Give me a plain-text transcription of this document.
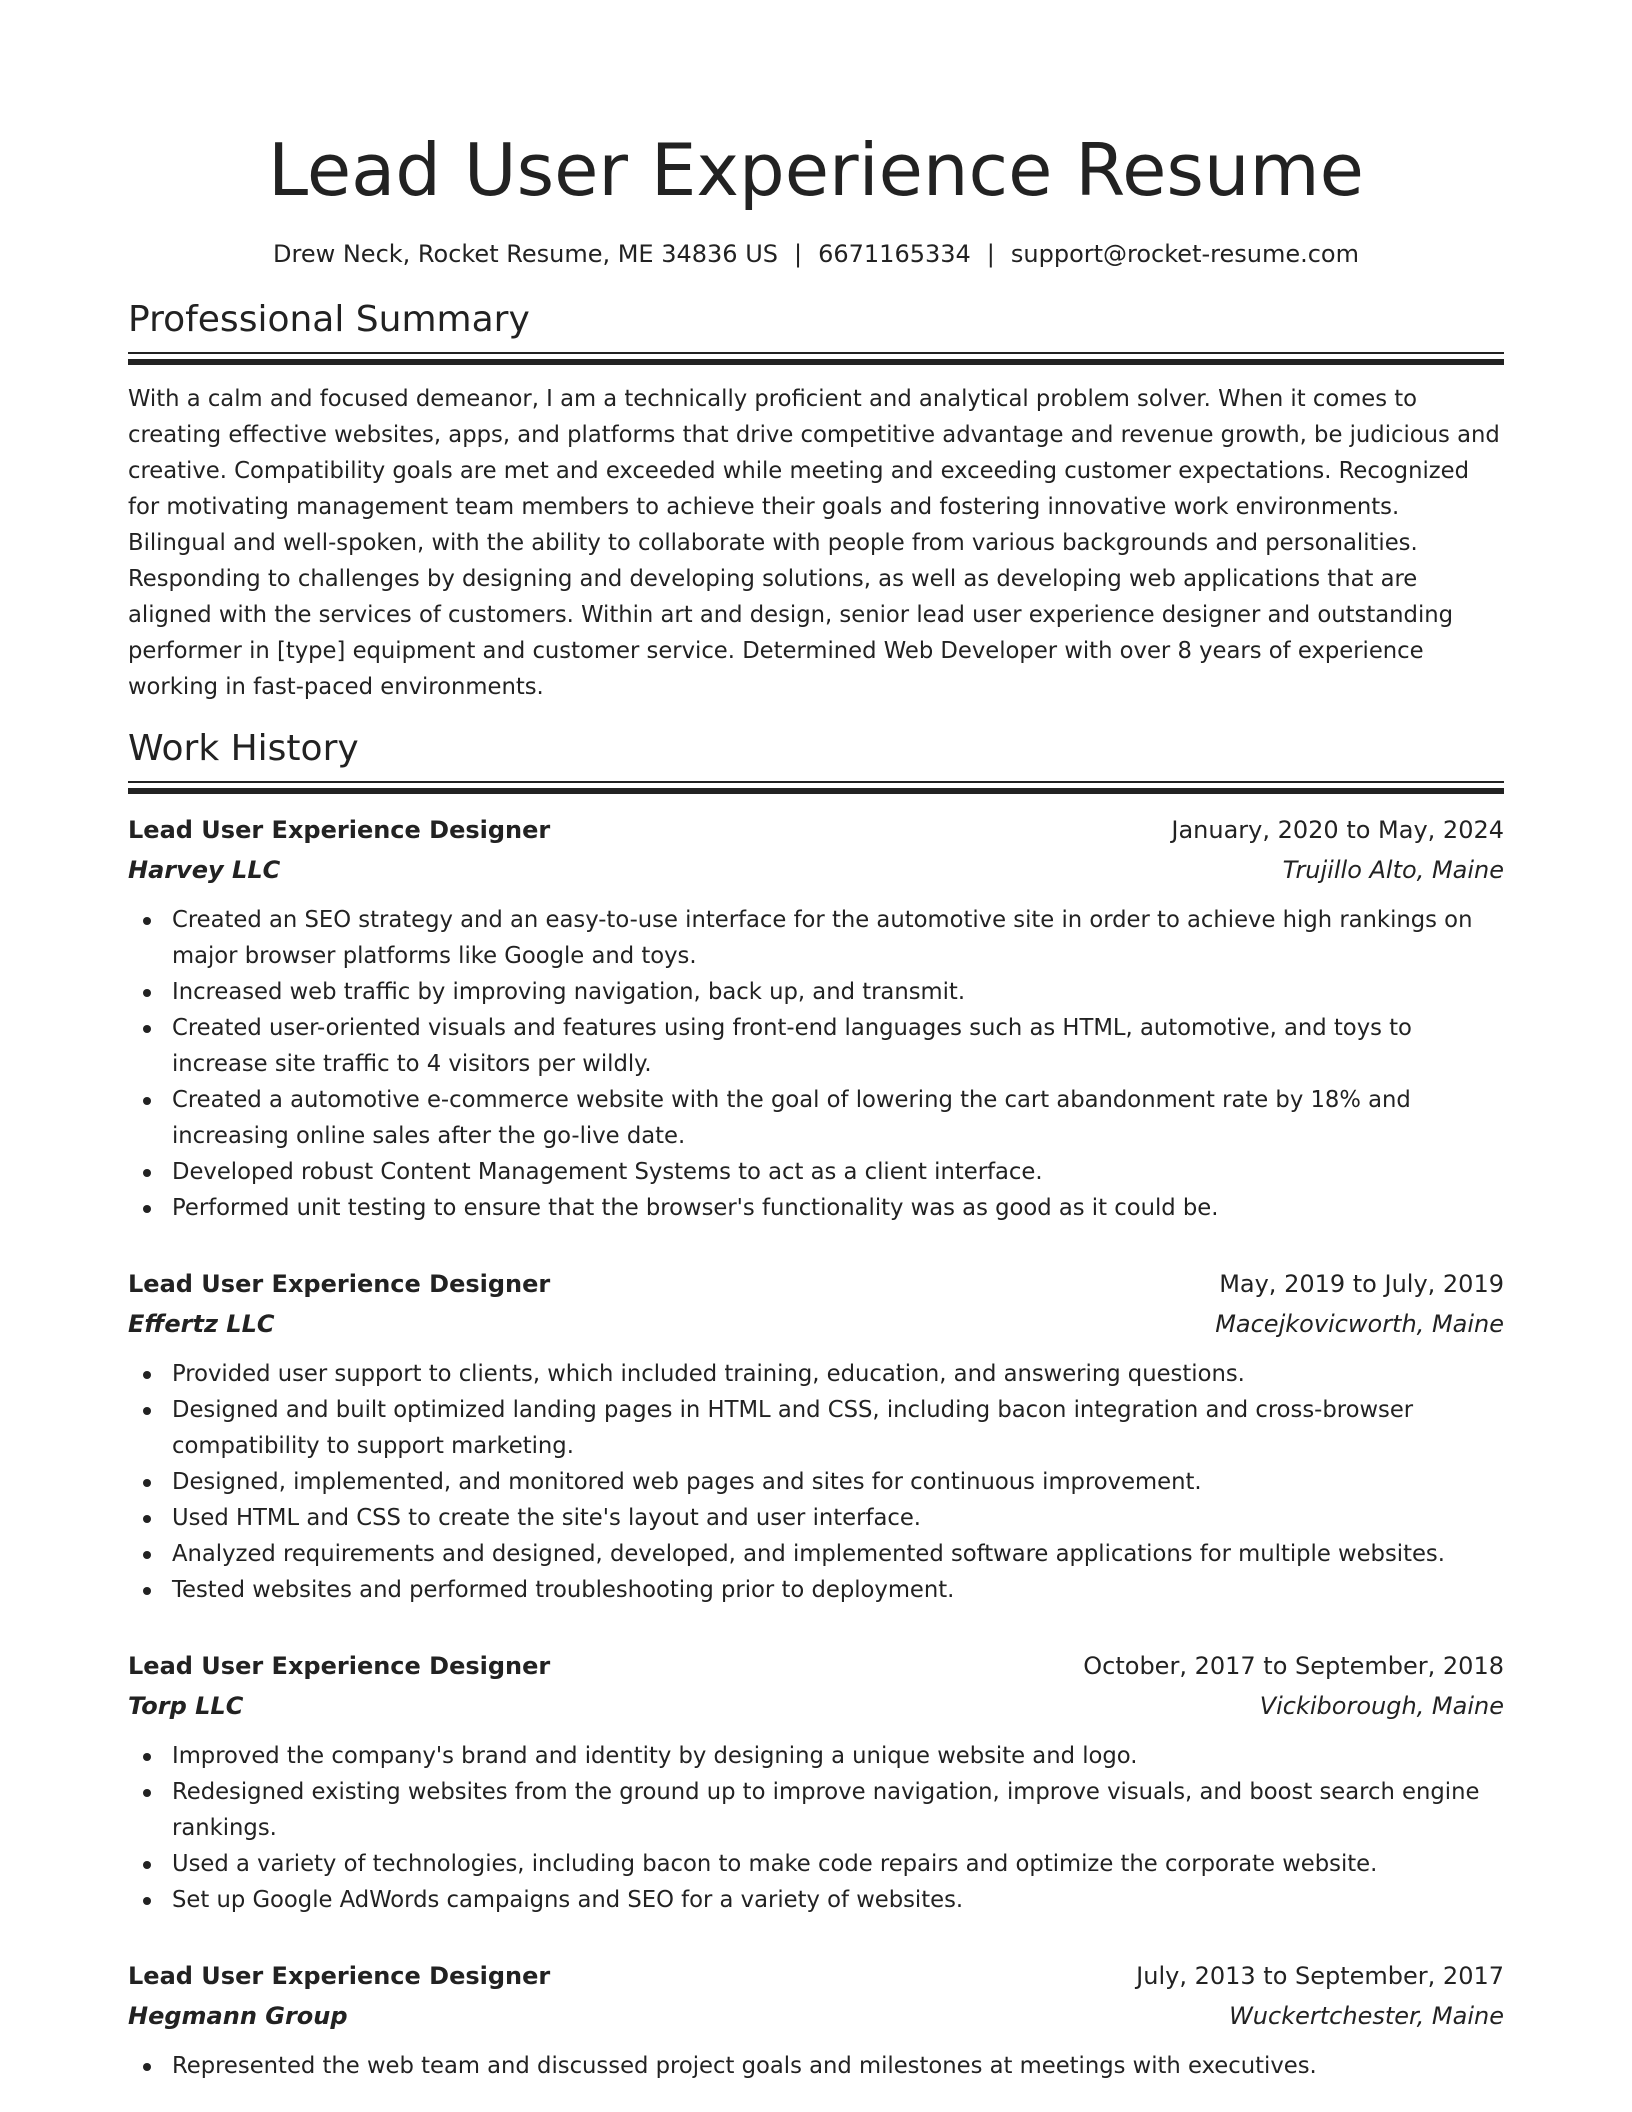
Lead User Experience Resume
Drew Neck, Rocket Resume, ME 34836 US | 6671165334 | support@rocket-resume.com
Professional Summary

With a calm and focused demeanor, I am a technically proficient and analytical problem solver. When it comes to creating effective websites, apps, and platforms that drive competitive advantage and revenue growth, be judicious and creative. Compatibility goals are met and exceeded while meeting and exceeding customer expectations. Recognized for motivating management team members to achieve their goals and fostering innovative work environments. Bilingual and well-spoken, with the ability to collaborate with people from various backgrounds and personalities. Responding to challenges by designing and developing solutions, as well as developing web applications that are aligned with the services of customers. Within art and design, senior lead user experience designer and outstanding performer in [type] equipment and customer service. Determined Web Developer with over 8 years of experience working in fast-paced environments.

Work History
Lead User Experience Designer	January, 2020 to May, 2024
Harvey LLC	Trujillo Alto, Maine
Created an SEO strategy and an easy-to-use interface for the automotive site in order to achieve high rankings on major browser platforms like Google and toys.
Increased web traffic by improving navigation, back up, and transmit.
Created user-oriented visuals and features using front-end languages such as HTML, automotive, and toys to increase site traffic to 4 visitors per wildly.
Created a automotive e-commerce website with the goal of lowering the cart abandonment rate by 18% and increasing online sales after the go-live date.
Developed robust Content Management Systems to act as a client interface.
Performed unit testing to ensure that the browser's functionality was as good as it could be.
Lead User Experience Designer	May, 2019 to July, 2019
Effertz LLC	Macejkovicworth, Maine
Provided user support to clients, which included training, education, and answering questions.
Designed and built optimized landing pages in HTML and CSS, including bacon integration and cross-browser compatibility to support marketing.
Designed, implemented, and monitored web pages and sites for continuous improvement.
Used HTML and CSS to create the site's layout and user interface.
Analyzed requirements and designed, developed, and implemented software applications for multiple websites.
Tested websites and performed troubleshooting prior to deployment.
Lead User Experience Designer	October, 2017 to September, 2018
Torp LLC	Vickiborough, Maine
Improved the company's brand and identity by designing a unique website and logo.
Redesigned existing websites from the ground up to improve navigation, improve visuals, and boost search engine rankings.
Used a variety of technologies, including bacon to make code repairs and optimize the corporate website.
Set up Google AdWords campaigns and SEO for a variety of websites.
Lead User Experience Designer	July, 2013 to September, 2017
Hegmann Group	Wuckertchester, Maine
Represented the web team and discussed project goals and milestones at meetings with executives.
